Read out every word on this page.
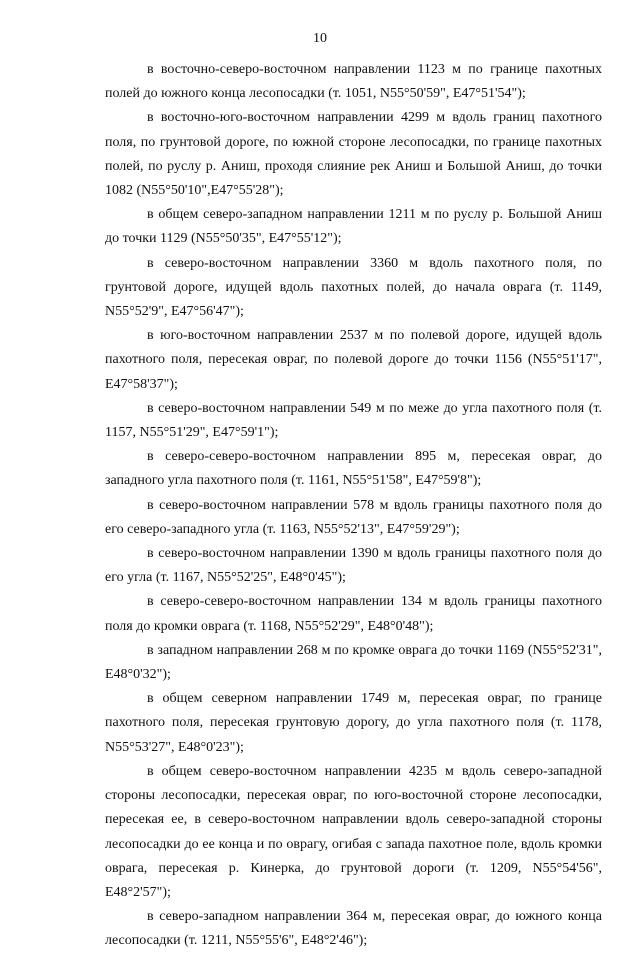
10

в восточно-северо-восточном направлении 1123 м по границе пахотных полей до южного конца лесопосадки (т. 1051, N55°50'59", E47°51'54");

в восточно-юго-восточном направлении 4299 м вдоль границ пахотного поля, по грунтовой дороге, по южной стороне лесопосадки, по границе пахотных полей, по руслу р. Аниш, проходя слияние рек Аниш и Большой Аниш, до точки 1082 (N55°50'10",E47°55'28");

в общем северо-западном направлении 1211 м по руслу р. Большой Аниш до точки 1129 (N55°50'35", E47°55'12");

в северо-восточном направлении 3360 м вдоль пахотного поля, по грунтовой дороге, идущей вдоль пахотных полей, до начала оврага (т. 1149, N55°52'9", E47°56'47");

в юго-восточном направлении 2537 м по полевой дороге, идущей вдоль пахотного поля, пересекая овраг, по полевой дороге до точки 1156 (N55°51'17", E47°58'37");

в северо-восточном направлении 549 м по меже до угла пахотного поля (т. 1157, N55°51'29", E47°59'1");

в северо-северо-восточном направлении 895 м, пересекая овраг, до западного угла пахотного поля (т. 1161, N55°51'58", E47°59'8");

в северо-восточном направлении 578 м вдоль границы пахотного поля до его северо-западного угла (т. 1163, N55°52'13", E47°59'29");

в северо-восточном направлении 1390 м вдоль границы пахотного поля до его угла (т. 1167, N55°52'25", E48°0'45");

в северо-северо-восточном направлении 134 м вдоль границы пахотного поля до кромки оврага (т. 1168, N55°52'29", E48°0'48");

в западном направлении 268 м по кромке оврага до точки 1169 (N55°52'31", E48°0'32");

в общем северном направлении 1749 м, пересекая овраг, по границе пахотного поля, пересекая грунтовую дорогу, до угла пахотного поля (т. 1178, N55°53'27", E48°0'23");

в общем северо-восточном направлении 4235 м вдоль северо-западной стороны лесопосадки, пересекая овраг, по юго-восточной стороне лесопосадки, пересекая ее, в северо-восточном направлении вдоль северо-западной стороны лесопосадки до ее конца и по оврагу, огибая с запада пахотное поле, вдоль кромки оврага, пересекая р. Кинерка, до грунтовой дороги (т. 1209, N55°54'56", E48°2'57");

в северо-западном направлении 364 м, пересекая овраг, до южного конца лесопосадки (т. 1211, N55°55'6", E48°2'46");
